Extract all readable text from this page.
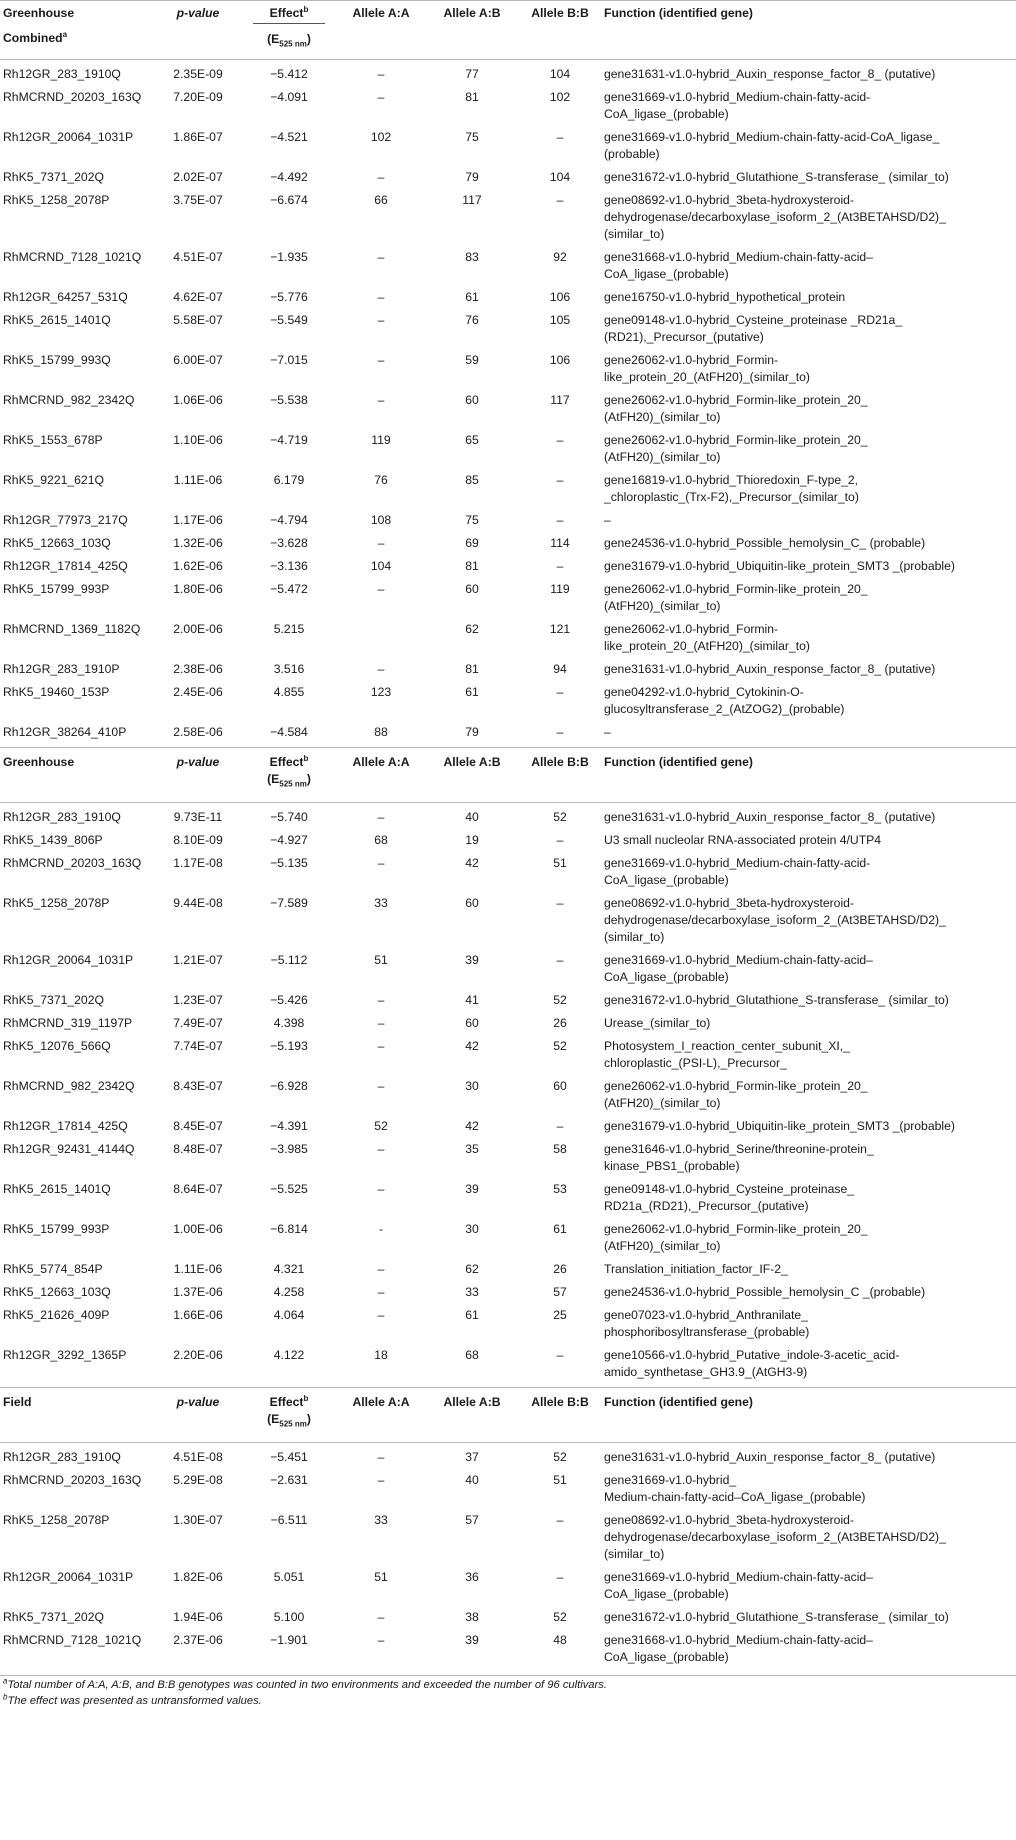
Greenhouse
Combined$^a$	p-value	Effect$^b$
$(E_{525 nm})$	Allele A:A	Allele A:B	Allele B:B	Function (identified gene)
Rh12GR_283_1910Q	2.35E-09	−5.412	–	77	104	gene31631-v1.0-hybrid_Auxin_response_factor_8_ (putative)

RhMCRND_20203_163Q	7.20E-09	−4.091	–	81	102	gene31669-v1.0-hybrid_Medium-chain-fatty-acid-
CoA_ligase_(probable)

Rh12GR_20064_1031P	1.86E-07	−4.521	102	75	–	gene31669-v1.0-hybrid_Medium-chain-fatty-acid-CoA_ligase_
(probable)

RhK5_7371_202Q	2.02E-07	−4.492	–	79	104	gene31672-v1.0-hybrid_Glutathione_S-transferase_ (similar_to)

RhK5_1258_2078P	3.75E-07	−6.674	66	117	–	gene08692-v1.0-hybrid_3beta-hydroxysteroid-
dehydrogenase/decarboxylase_isoform_2_(At3BETAHSD/D2)_
(similar_to)

RhMCRND_7128_1021Q	4.51E-07	−1.935	–	83	92	gene31668-v1.0-hybrid_Medium-chain-fatty-acid–
CoA_ligase_(probable)

Rh12GR_64257_531Q	4.62E-07	−5.776	–	61	106	gene16750-v1.0-hybrid_hypothetical_protein

RhK5_2615_1401Q	5.58E-07	−5.549	–	76	105	gene09148-v1.0-hybrid_Cysteine_proteinase _RD21a_
(RD21),_Precursor_(putative)

RhK5_15799_993Q	6.00E-07	−7.015	–	59	106	gene26062-v1.0-hybrid_Formin-
like_protein_20_(AtFH20)_(similar_to)

RhMCRND_982_2342Q	1.06E-06	−5.538	–	60	117	gene26062-v1.0-hybrid_Formin-like_protein_20_
(AtFH20)_(similar_to)

RhK5_1553_678P	1.10E-06	−4.719	119	65	–	gene26062-v1.0-hybrid_Formin-like_protein_20_
(AtFH20)_(similar_to)

RhK5_9221_621Q	1.11E-06	6.179	76	85	–	gene16819-v1.0-hybrid_Thioredoxin_F-type_2,
_chloroplastic_(Trx-F2),_Precursor_(similar_to)

Rh12GR_77973_217Q	1.17E-06	−4.794	108	75	–	–

RhK5_12663_103Q	1.32E-06	−3.628	–	69	114	gene24536-v1.0-hybrid_Possible_hemolysin_C_ (probable)

Rh12GR_17814_425Q	1.62E-06	−3.136	104	81	–	gene31679-v1.0-hybrid_Ubiquitin-like_protein_SMT3 _(probable)

RhK5_15799_993P	1.80E-06	−5.472	–	60	119	gene26062-v1.0-hybrid_Formin-like_protein_20_
(AtFH20)_(similar_to)

RhMCRND_1369_1182Q	2.00E-06	5.215		62	121	gene26062-v1.0-hybrid_Formin-
like_protein_20_(AtFH20)_(similar_to)

Rh12GR_283_1910P	2.38E-06	3.516	–	81	94	gene31631-v1.0-hybrid_Auxin_response_factor_8_ (putative)

RhK5_19460_153P	2.45E-06	4.855	123	61	–	gene04292-v1.0-hybrid_Cytokinin-O-
glucosyltransferase_2_(AtZOG2)_(probable)

Rh12GR_38264_410P	2.58E-06	−4.584	88	79	–	–

Greenhouse	p-value	Effect$^b$
$(E_{525 nm})$	Allele A:A	Allele A:B	Allele B:B	Function (identified gene)
Rh12GR_283_1910Q	9.73E-11	−5.740	–	40	52	gene31631-v1.0-hybrid_Auxin_response_factor_8_ (putative)

RhK5_1439_806P	8.10E-09	−4.927	68	19	–	U3 small nucleolar RNA-associated protein 4/UTP4

RhMCRND_20203_163Q	1.17E-08	−5.135	–	42	51	gene31669-v1.0-hybrid_Medium-chain-fatty-acid-
CoA_ligase_(probable)

RhK5_1258_2078P	9.44E-08	−7.589	33	60	–	gene08692-v1.0-hybrid_3beta-hydroxysteroid-
dehydrogenase/decarboxylase_isoform_2_(At3BETAHSD/D2)_
(similar_to)

Rh12GR_20064_1031P	1.21E-07	−5.112	51	39	–	gene31669-v1.0-hybrid_Medium-chain-fatty-acid–
CoA_ligase_(probable)

RhK5_7371_202Q	1.23E-07	−5.426	–	41	52	gene31672-v1.0-hybrid_Glutathione_S-transferase_ (similar_to)

RhMCRND_319_1197P	7.49E-07	4.398	–	60	26	Urease_(similar_to)

RhK5_12076_566Q	7.74E-07	−5.193	–	42	52	Photosystem_I_reaction_center_subunit_XI,_
chloroplastic_(PSI-L),_Precursor_

RhMCRND_982_2342Q	8.43E-07	−6.928	–	30	60	gene26062-v1.0-hybrid_Formin-like_protein_20_
(AtFH20)_(similar_to)

Rh12GR_17814_425Q	8.45E-07	−4.391	52	42	–	gene31679-v1.0-hybrid_Ubiquitin-like_protein_SMT3 _(probable)

Rh12GR_92431_4144Q	8.48E-07	−3.985	–	35	58	gene31646-v1.0-hybrid_Serine/threonine-protein_
kinase_PBS1_(probable)

RhK5_2615_1401Q	8.64E-07	−5.525	–	39	53	gene09148-v1.0-hybrid_Cysteine_proteinase_
RD21a_(RD21),_Precursor_(putative)

RhK5_15799_993P	1.00E-06	−6.814	-	30	61	gene26062-v1.0-hybrid_Formin-like_protein_20_
(AtFH20)_(similar_to)

RhK5_5774_854P	1.11E-06	4.321	–	62	26	Translation_initiation_factor_IF-2_

RhK5_12663_103Q	1.37E-06	4.258	–	33	57	gene24536-v1.0-hybrid_Possible_hemolysin_C _(probable)

RhK5_21626_409P	1.66E-06	4.064	–	61	25	gene07023-v1.0-hybrid_Anthranilate_
phosphoribosyltransferase_(probable)

Rh12GR_3292_1365P	2.20E-06	4.122	18	68	–	gene10566-v1.0-hybrid_Putative_indole-3-acetic_acid-
amido_synthetase_GH3.9_(AtGH3-9)

Field	p-value	Effect$^b$
$(E_{525 nm})$	Allele A:A	Allele A:B	Allele B:B	Function (identified gene)
Rh12GR_283_1910Q	4.51E-08	−5.451	–	37	52	gene31631-v1.0-hybrid_Auxin_response_factor_8_ (putative)

RhMCRND_20203_163Q	5.29E-08	−2.631	–	40	51	gene31669-v1.0-hybrid_
Medium-chain-fatty-acid–CoA_ligase_(probable)

RhK5_1258_2078P	1.30E-07	−6.511	33	57	–	gene08692-v1.0-hybrid_3beta-hydroxysteroid-
dehydrogenase/decarboxylase_isoform_2_(At3BETAHSD/D2)_
(similar_to)

Rh12GR_20064_1031P	1.82E-06	5.051	51	36	–	gene31669-v1.0-hybrid_Medium-chain-fatty-acid–
CoA_ligase_(probable)

RhK5_7371_202Q	1.94E-06	5.100	–	38	52	gene31672-v1.0-hybrid_Glutathione_S-transferase_ (similar_to)

RhMCRND_7128_1021Q	2.37E-06	−1.901	–	39	48	gene31668-v1.0-hybrid_Medium-chain-fatty-acid–
CoA_ligase_(probable)

$^a$Total number of A:A, A:B, and B:B genotypes was counted in two environments and exceeded the number of 96 cultivars.
$^b$The effect was presented as untransformed values.
